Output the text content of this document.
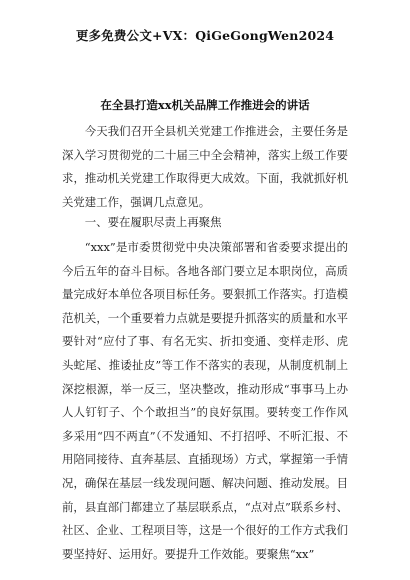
更多免费公文+VX：QiGeGongWen2024
在全县打造xx机关品牌工作推进会的讲话

今天我们召开全县机关党建工作推进会，主要任务是深入学习贯彻党的二十届三中全会精神，落实上级工作要求，推动机关党建工作取得更大成效。下面，我就抓好机关党建工作，强调几点意见。

一、要在履职尽责上再聚焦

“xxx”是市委贯彻党中央决策部署和省委要求提出的今后五年的奋斗目标。各地各部门要立足本职岗位，高质量完成好本单位各项目标任务。要狠抓工作落实。打造模范机关，一个重要着力点就是要提升抓落实的质量和水平要针对“应付了事、有名无实、折扣变通、变样走形、虎头蛇尾、推诿扯皮”等工作不落实的表现，从制度机制上深挖根源，举一反三，坚决整改，推动形成“事事马上办人人钉钉子、个个敢担当”的良好氛围。要转变工作作风多采用“四不两直”（不发通知、不打招呼、不听汇报、不用陪同接待、直奔基层、直插现场）方式，掌握第一手情况，确保在基层一线发现问题、解决问题、推动发展。目前，县直部门都建立了基层联系点，“点对点”联系乡村、社区、企业、工程项目等，这是一个很好的工作方式我们要坚持好、运用好。要提升工作效能。要聚焦“xx”
